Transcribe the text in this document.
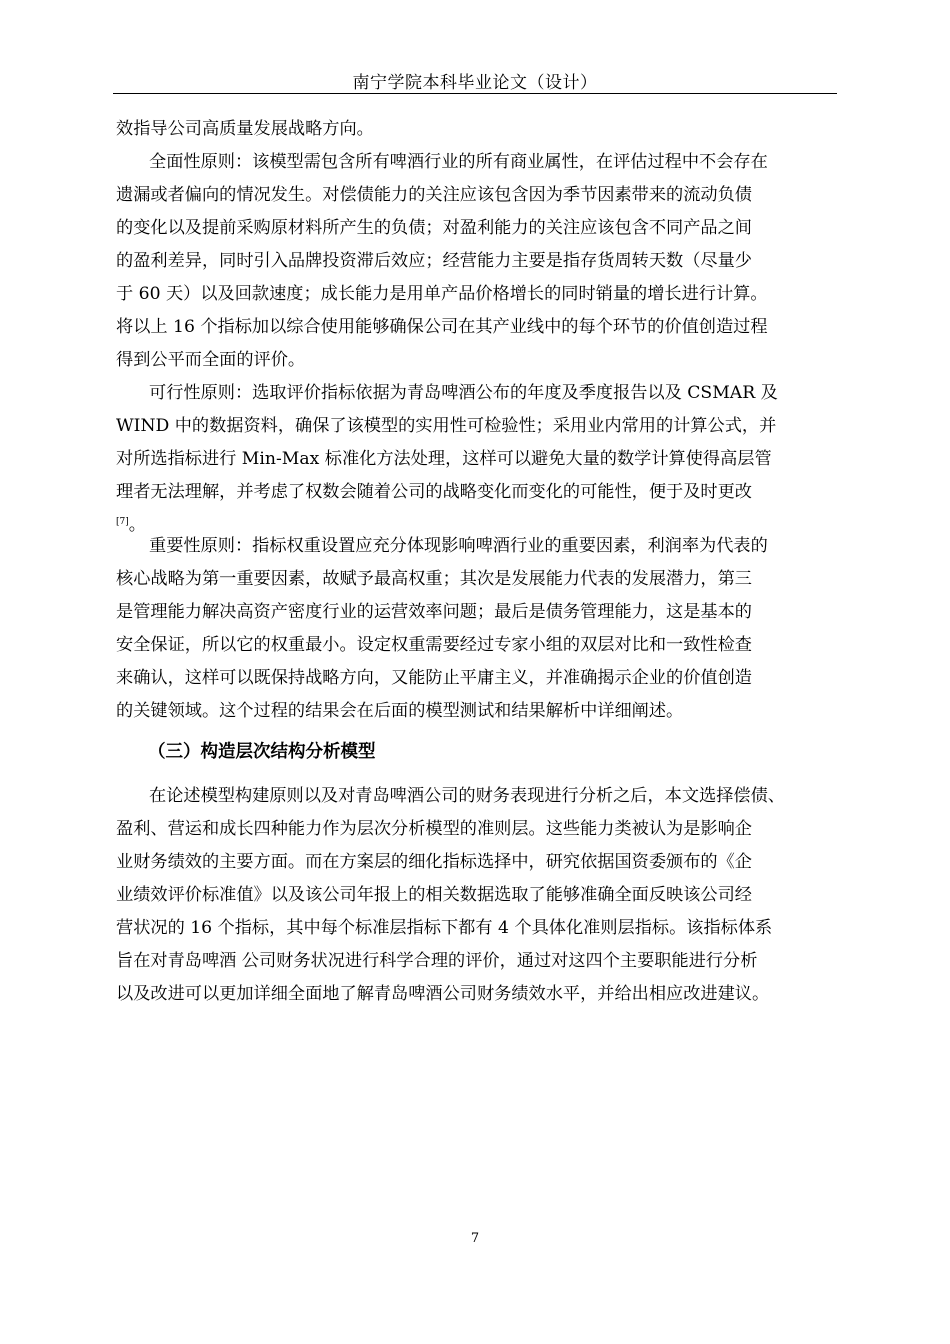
南宁学院本科毕业论文（设计）
效指导公司高质量发展战略方向。
全面性原则：该模型需包含所有啤酒行业的所有商业属性，在评估过程中不会存在
遗漏或者偏向的情况发生。对偿债能力的关注应该包含因为季节因素带来的流动负债
的变化以及提前采购原材料所产生的负债；对盈利能力的关注应该包含不同产品之间
的盈利差异，同时引入品牌投资滞后效应；经营能力主要是指存货周转天数（尽量少
于 60 天）以及回款速度；成长能力是用单产品价格增长的同时销量的增长进行计算。
将以上 16 个指标加以综合使用能够确保公司在其产业线中的每个环节的价值创造过程
得到公平而全面的评价。
可行性原则：选取评价指标依据为青岛啤酒公布的年度及季度报告以及 CSMAR 及
WIND 中的数据资料，确保了该模型的实用性可检验性；采用业内常用的计算公式，并
对所选指标进行 Min-Max 标准化方法处理，这样可以避免大量的数学计算使得高层管
理者无法理解，并考虑了权数会随着公司的战略变化而变化的可能性，便于及时更改
[7]。
重要性原则：指标权重设置应充分体现影响啤酒行业的重要因素，利润率为代表的
核心战略为第一重要因素，故赋予最高权重；其次是发展能力代表的发展潜力，第三
是管理能力解决高资产密度行业的运营效率问题；最后是债务管理能力，这是基本的
安全保证，所以它的权重最小。设定权重需要经过专家小组的双层对比和一致性检查
来确认，这样可以既保持战略方向，又能防止平庸主义，并准确揭示企业的价值创造
的关键领域。这个过程的结果会在后面的模型测试和结果解析中详细阐述。
（三）构造层次结构分析模型
在论述模型构建原则以及对青岛啤酒公司的财务表现进行分析之后，本文选择偿债、
盈利、营运和成长四种能力作为层次分析模型的准则层。这些能力类被认为是影响企
业财务绩效的主要方面。而在方案层的细化指标选择中，研究依据国资委颁布的《企
业绩效评价标准值》以及该公司年报上的相关数据选取了能够准确全面反映该公司经
营状况的 16 个指标，其中每个标准层指标下都有 4 个具体化准则层指标。该指标体系
旨在对青岛啤酒 公司财务状况进行科学合理的评价，通过对这四个主要职能进行分析
以及改进可以更加详细全面地了解青岛啤酒公司财务绩效水平，并给出相应改进建议。
7
